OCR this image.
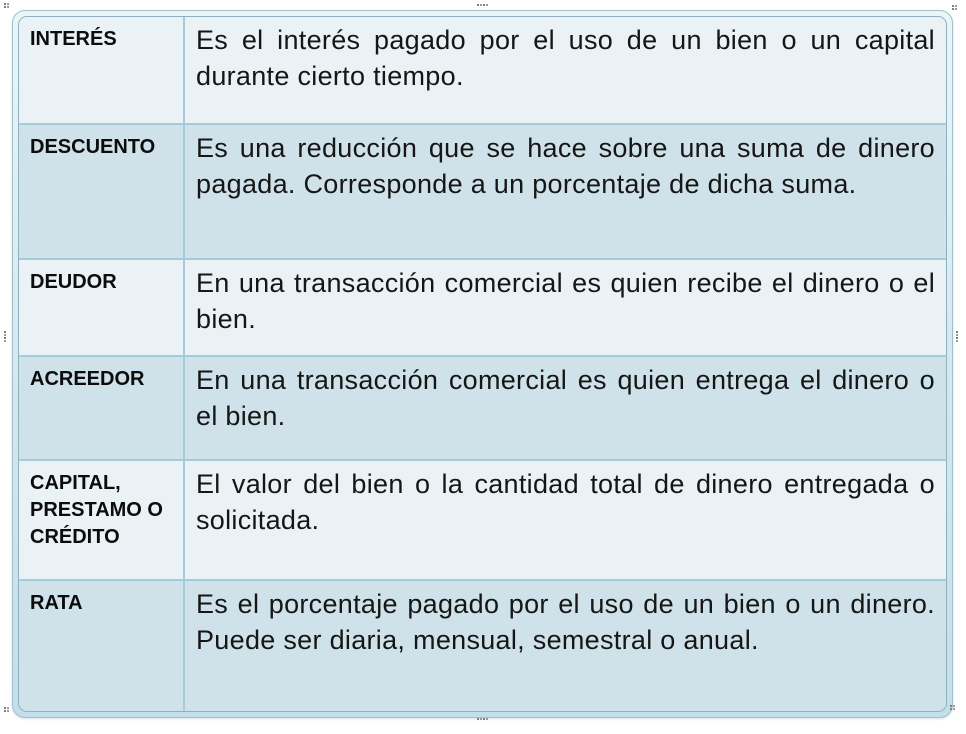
INTERÉS	Es el interés pagado por el uso de un bien o un capital durante cierto tiempo.
DESCUENTO	Es una reducción que se hace sobre una suma de dinero pagada. Corresponde a un porcentaje de dicha suma.
DEUDOR	En una transacción comercial es quien recibe el dinero o el bien.
ACREEDOR	En una transacción comercial es quien entrega el dinero o el bien.
CAPITAL, PRESTAMO O CRÉDITO	El valor del bien o la cantidad total de dinero entregada o solicitada.
RATA	Es el porcentaje pagado por el uso de un bien o un dinero. Puede ser diaria, mensual, semestral o anual.
